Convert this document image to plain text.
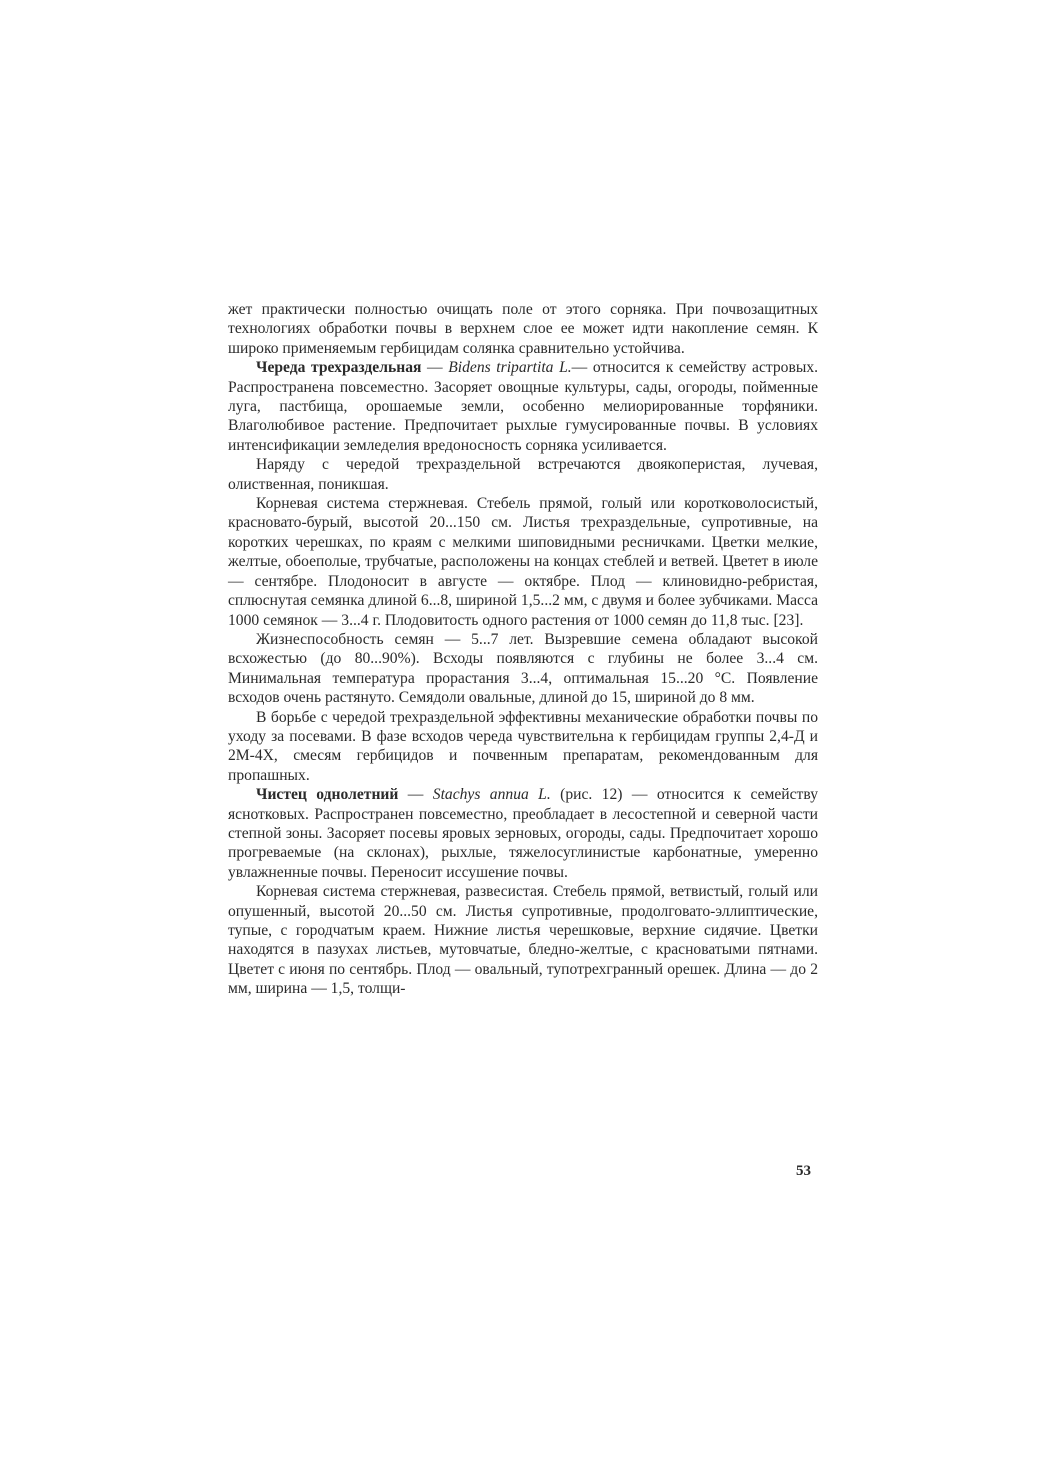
жет практически полностью очищать поле от этого сорняка. При почвозащитных технологиях обработки почвы в верхнем слое ее может идти накопление семян. К широко применяемым гербицидам солянка сравнительно устойчива.

Череда трехраздельная — Bidens tripartita L.— относится к семейству астровых. Распространена повсеместно. Засоряет овощные культуры, сады, огороды, пойменные луга, пастбища, орошаемые земли, особенно мелиорированные торфяники. Влаголюбивое растение. Предпочитает рыхлые гумусированные почвы. В условиях интенсификации земледелия вредоносность сорняка усиливается.

Наряду с чередой трехраздельной встречаются двоякоперистая, лучевая, олиственная, поникшая.

Корневая система стержневая. Стебель прямой, голый или коротковолосистый, красновато-бурый, высотой 20...150 см. Листья трехраздельные, супротивные, на коротких черешках, по краям с мелкими шиповидными ресничками. Цветки мелкие, желтые, обоеполые, трубчатые, расположены на концах стеблей и ветвей. Цветет в июле — сентябре. Плодоносит в августе — октябре. Плод — клиновидно-ребристая, сплюснутая семянка длиной 6...8, шириной 1,5...2 мм, с двумя и более зубчиками. Масса 1000 семянок — 3...4 г. Плодовитость одного растения от 1000 семян до 11,8 тыс. [23].

Жизнеспособность семян — 5...7 лет. Вызревшие семена обладают высокой всхожестью (до 80...90%). Всходы появляются с глубины не более 3...4 см. Минимальная температура прорастания 3...4, оптимальная 15...20 °С. Появление всходов очень растянуто. Семядоли овальные, длиной до 15, шириной до 8 мм.

В борьбе с чередой трехраздельной эффективны механические обработки почвы по уходу за посевами. В фазе всходов череда чувствительна к гербицидам группы 2,4-Д и 2М-4Х, смесям гербицидов и почвенным препаратам, рекомендованным для пропашных.

Чистец однолетний — Stachys annua L. (рис. 12) — относится к семейству яснотковых. Распространен повсеместно, преобладает в лесостепной и северной части степной зоны. Засоряет посевы яровых зерновых, огороды, сады. Предпочитает хорошо прогреваемые (на склонах), рыхлые, тяжелосуглинистые карбонатные, умеренно увлажненные почвы. Переносит иссушение почвы.

Корневая система стержневая, развесистая. Стебель прямой, ветвистый, голый или опушенный, высотой 20...50 см. Листья супротивные, продолговато-эллиптические, тупые, с городчатым краем. Нижние листья черешковые, верхние сидячие. Цветки находятся в пазухах листьев, мутовчатые, бледно-желтые, с красноватыми пятнами. Цветет с июня по сентябрь. Плод — овальный, тупотрехгранный орешек. Длина — до 2 мм, ширина — 1,5, толщи-

53
